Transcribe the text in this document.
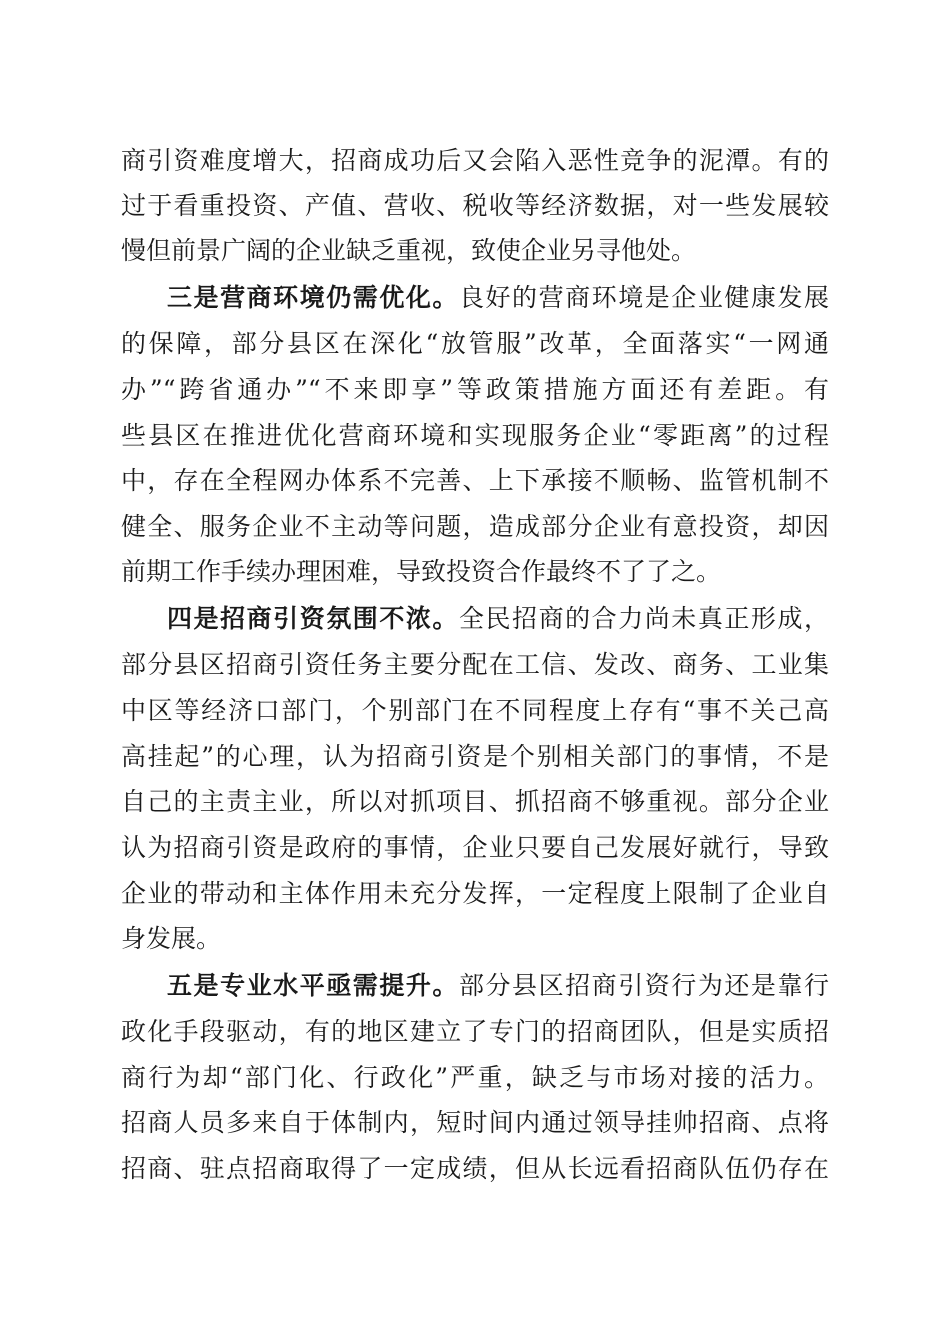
商引资难度增大，招商成功后又会陷入恶性竞争的泥潭。有的
过于看重投资、产值、营收、税收等经济数据，对一些发展较
慢但前景广阔的企业缺乏重视，致使企业另寻他处。
三是营商环境仍需优化。良好的营商环境是企业健康发展
的保障，部分县区在深化“放管服”改革，全面落实“一网通
办”“跨省通办”“不来即享”等政策措施方面还有差距。有
些县区在推进优化营商环境和实现服务企业“零距离”的过程
中，存在全程网办体系不完善、上下承接不顺畅、监管机制不
健全、服务企业不主动等问题，造成部分企业有意投资，却因
前期工作手续办理困难，导致投资合作最终不了了之。
四是招商引资氛围不浓。全民招商的合力尚未真正形成，
部分县区招商引资任务主要分配在工信、发改、商务、工业集
中区等经济口部门，个别部门在不同程度上存有“事不关己高
高挂起”的心理，认为招商引资是个别相关部门的事情，不是
自己的主责主业，所以对抓项目、抓招商不够重视。部分企业
认为招商引资是政府的事情，企业只要自己发展好就行，导致
企业的带动和主体作用未充分发挥，一定程度上限制了企业自
身发展。
五是专业水平亟需提升。部分县区招商引资行为还是靠行
政化手段驱动，有的地区建立了专门的招商团队，但是实质招
商行为却“部门化、行政化”严重，缺乏与市场对接的活力。
招商人员多来自于体制内，短时间内通过领导挂帅招商、点将
招商、驻点招商取得了一定成绩，但从长远看招商队伍仍存在
